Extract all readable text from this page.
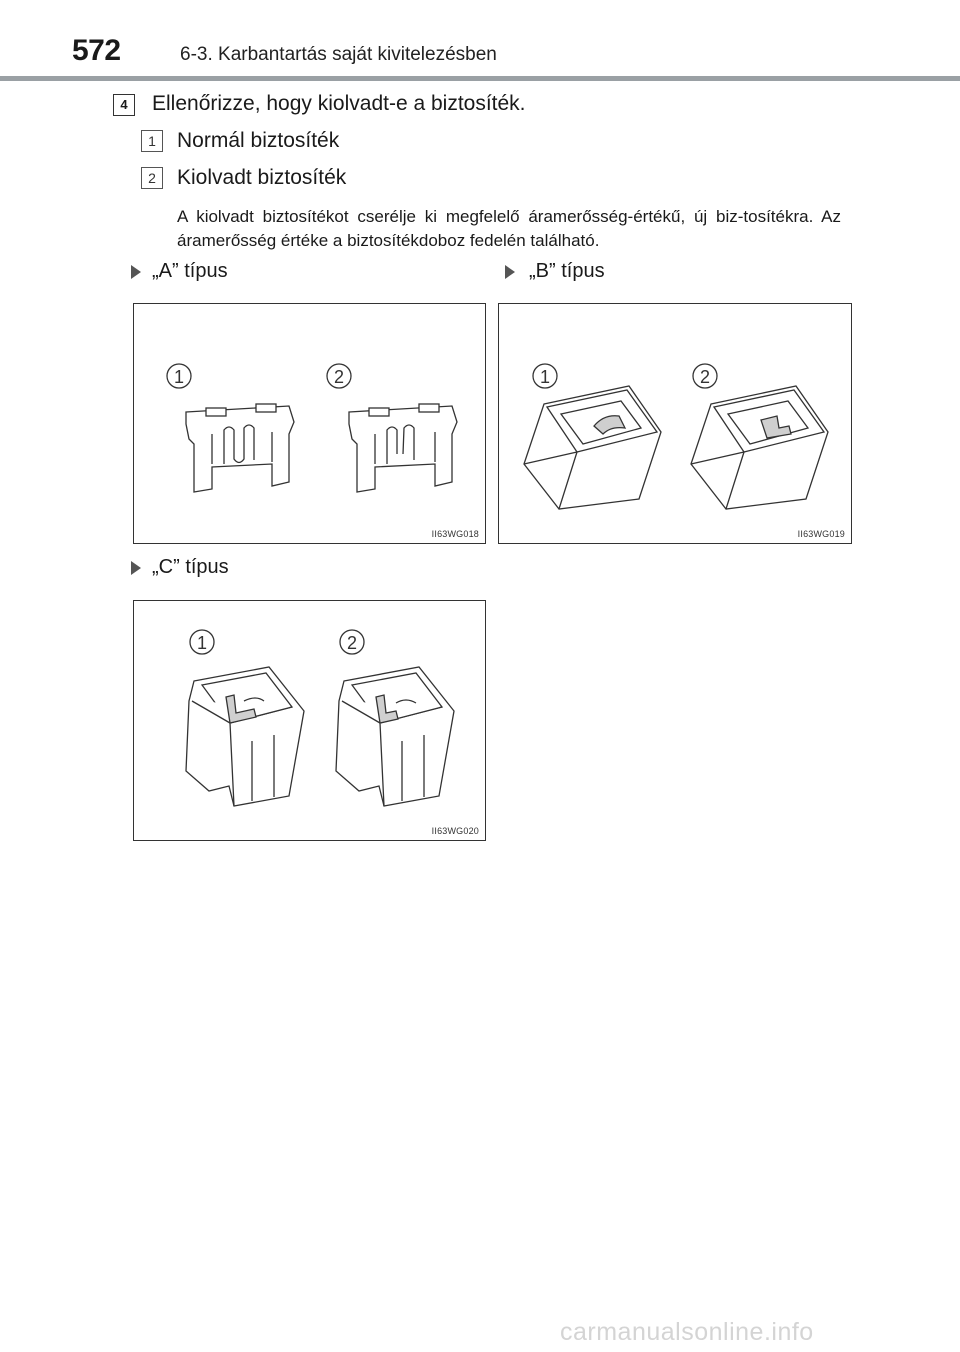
572	6-3. Karbantartás saját kivitelezésben
4	Ellenőrizze, hogy kiolvadt-e a biztosíték.
1	Normál biztosíték
2	Kiolvadt biztosíték
A kiolvadt biztosítékot cserélje ki megfelelő áramerősség-értékű, új biz-tosítékra. Az áramerősség értéke a biztosítékdoboz fedelén található.
„A” típus
1	2
II63WG018
„B” típus
1	2
II63WG019
„C” típus
1	2
II63WG020
carmanualsonline.info
